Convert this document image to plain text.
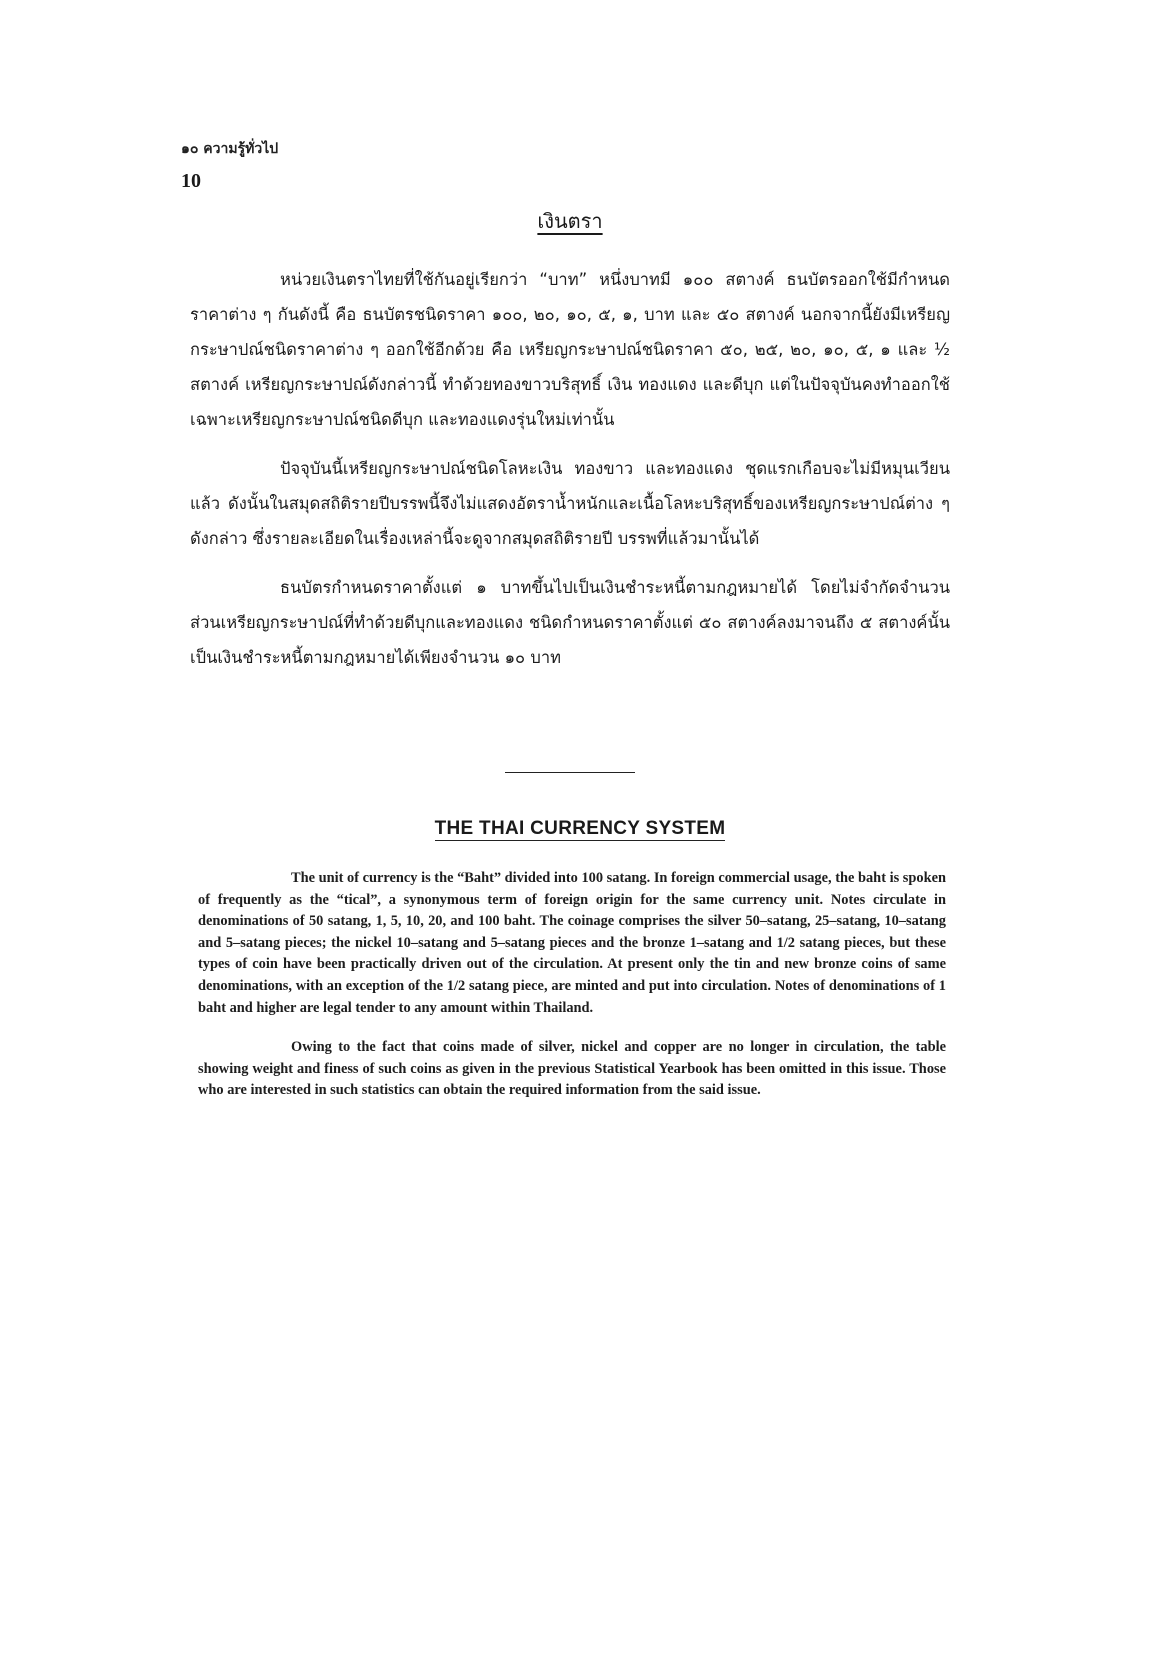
๑๐ ความรู้ทั่วไป
10
เงินตรา

หน่วยเงินตราไทยที่ใช้กันอยู่เรียกว่า “บาท” หนึ่งบาทมี ๑๐๐ สตางค์ ธนบัตรออกใช้มีกำหนดราคาต่าง ๆ กันดังนี้ คือ ธนบัตรชนิดราคา ๑๐๐, ๒๐, ๑๐, ๕, ๑, บาท และ ๕๐ สตางค์ นอกจากนี้ยังมีเหรียญกระษาปณ์ชนิดราคาต่าง ๆ ออกใช้อีกด้วย คือ เหรียญกระษาปณ์ชนิดราคา ๕๐, ๒๕, ๒๐, ๑๐, ๕, ๑ และ ½ สตางค์ เหรียญกระษาปณ์ดังกล่าวนี้ ทำด้วยทองขาวบริสุทธิ์ เงิน ทองแดง และดีบุก แต่ในปัจจุบันคงทำออกใช้เฉพาะเหรียญกระษาปณ์ชนิดดีบุก และทองแดงรุ่นใหม่เท่านั้น

ปัจจุบันนี้เหรียญกระษาปณ์ชนิดโลหะเงิน ทองขาว และทองแดง ชุดแรกเกือบจะไม่มีหมุนเวียนแล้ว ดังนั้นในสมุดสถิติรายปีบรรพนี้จึงไม่แสดงอัตราน้ำหนักและเนื้อโลหะบริสุทธิ์ของเหรียญกระษาปณ์ต่าง ๆ ดังกล่าว ซึ่งรายละเอียดในเรื่องเหล่านี้จะดูจากสมุดสถิติรายปี บรรพที่แล้วมานั้นได้

ธนบัตรกำหนดราคาตั้งแต่ ๑ บาทขึ้นไปเป็นเงินชำระหนี้ตามกฎหมายได้ โดยไม่จำกัดจำนวน ส่วนเหรียญกระษาปณ์ที่ทำด้วยดีบุกและทองแดง ชนิดกำหนดราคาตั้งแต่ ๕๐ สตางค์ลงมาจนถึง ๕ สตางค์นั้น เป็นเงินชำระหนี้ตามกฎหมายได้เพียงจำนวน ๑๐ บาท

THE THAI CURRENCY SYSTEM

The unit of currency is the “Baht” divided into 100 satang. In foreign commercial usage, the baht is spoken of frequently as the “tical”, a synonymous term of foreign origin for the same currency unit. Notes circulate in denominations of 50 satang, 1, 5, 10, 20, and 100 baht. The coinage comprises the silver 50–satang, 25–satang, 10–satang and 5–satang pieces; the nickel 10–satang and 5–satang pieces and the bronze 1–satang and 1/2 satang pieces, but these types of coin have been practically driven out of the circulation. At present only the tin and new bronze coins of same denominations, with an exception of the 1/2 satang piece, are minted and put into circulation. Notes of denominations of 1 baht and higher are legal tender to any amount within Thailand.

Owing to the fact that coins made of silver, nickel and copper are no longer in circulation, the table showing weight and finess of such coins as given in the previous Statistical Yearbook has been omitted in this issue. Those who are interested in such statistics can obtain the required information from the said issue.
